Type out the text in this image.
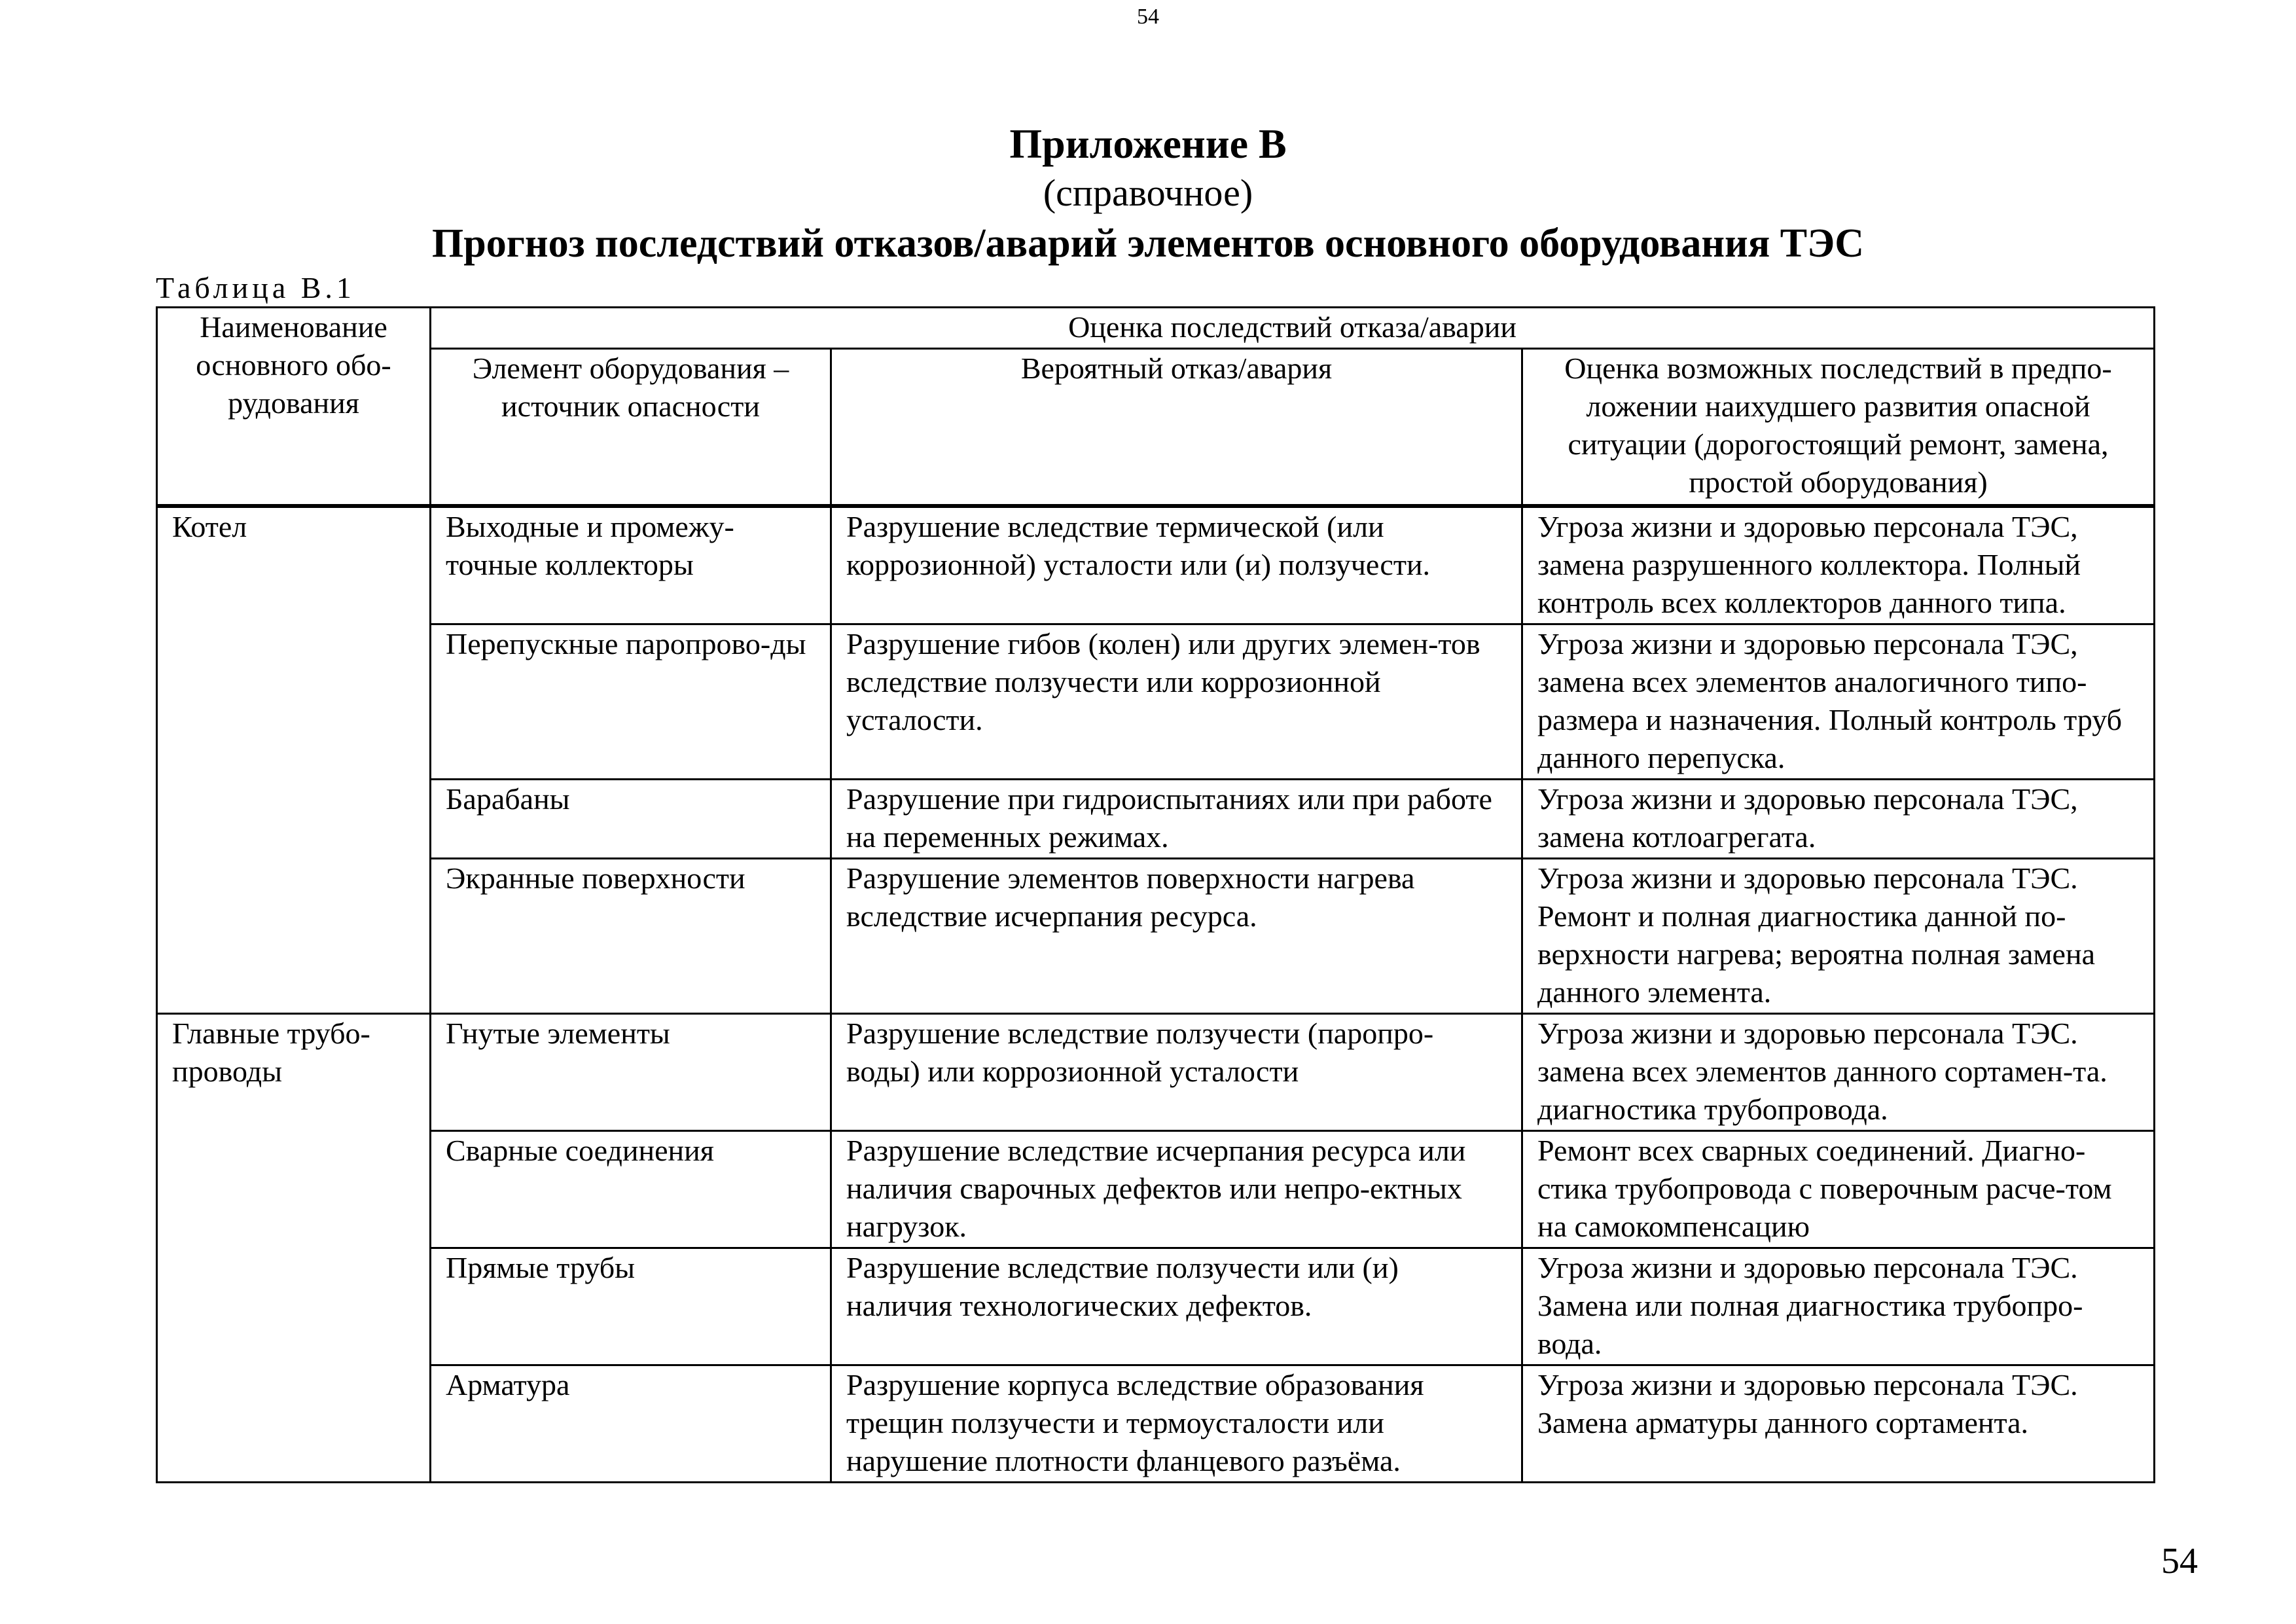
54
Приложение В
(справочное)
Прогноз последствий отказов/аварий элементов основного оборудования ТЭС
Таблица В.1
Наименование основного обо-рудования	Оценка последствий отказа/аварии		
	Элемент оборудования – источник опасности	Вероятный отказ/авария	Оценка возможных последствий в предпо-ложении наихудшего развития опасной ситуации (дорогостоящий ремонт, замена, простой оборудования)
Котел	Выходные и промежу-точные коллекторы	Разрушение вследствие термической (или коррозионной) усталости или (и) ползучести.	Угроза жизни и здоровью персонала ТЭС, замена разрушенного коллектора. Полный контроль всех коллекторов данного типа.
	Перепускные паропрово-ды	Разрушение гибов (колен) или других элемен-тов вследствие ползучести или коррозионной усталости.	Угроза жизни и здоровью персонала ТЭС, замена всех элементов аналогичного типо-размера и назначения. Полный контроль труб данного перепуска.
	Барабаны	Разрушение при гидроиспытаниях или при работе на переменных режимах.	Угроза жизни и здоровью персонала ТЭС, замена котлоагрегата.
	Экранные поверхности	Разрушение элементов поверхности нагрева вследствие исчерпания ресурса.	Угроза жизни и здоровью персонала ТЭС. Ремонт и полная диагностика данной по-верхности нагрева; вероятна полная замена данного элемента.
Главные трубо-проводы	Гнутые элементы	Разрушение вследствие ползучести (паропро-воды) или коррозионной усталости	Угроза жизни и здоровью персонала ТЭС. замена всех элементов данного сортамен-та. диагностика трубопровода.
	Сварные соединения	Разрушение вследствие исчерпания ресурса или наличия сварочных дефектов или непро-ектных нагрузок.	Ремонт всех сварных соединений. Диагно-стика трубопровода с поверочным расче-том на самокомпенсацию
	Прямые трубы	Разрушение вследствие ползучести или (и) наличия технологических дефектов.	Угроза жизни и здоровью персонала ТЭС. Замена или полная диагностика трубопро-вода.
	Арматура	Разрушение корпуса вследствие образования трещин ползучести и термоусталости или нарушение плотности фланцевого разъёма.	Угроза жизни и здоровью персонала ТЭС. Замена арматуры данного сортамента.
54
